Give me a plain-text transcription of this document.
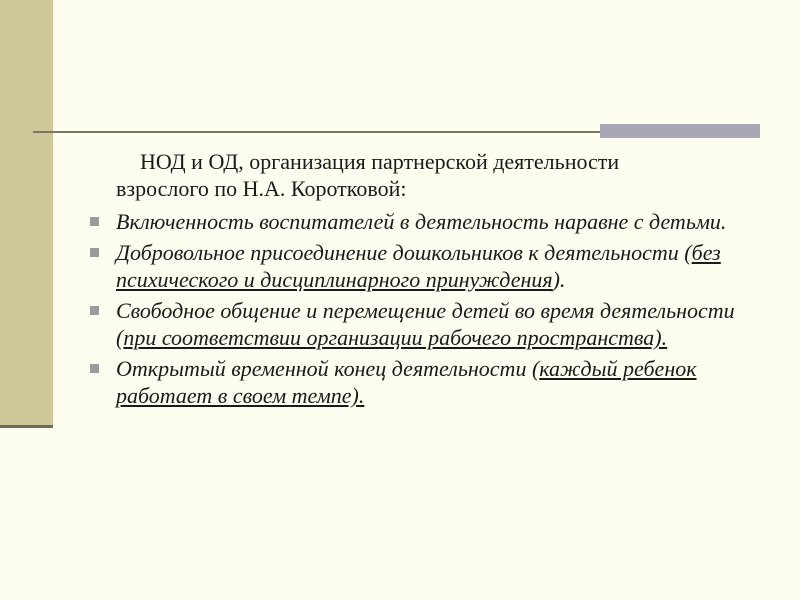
НОД и ОД, организация партнерской деятельности
взрослого по Н.А. Коротковой:

Включенность воспитателей в деятельность наравне с детьми.
Добровольное присоединение дошкольников к деятельности (без психического и дисциплинарного принуждения).
Свободное общение и перемещение детей во время деятельности (при соответствии организации рабочего пространства).
Открытый временной конец деятельности (каждый ребенок работает в своем темпе).
